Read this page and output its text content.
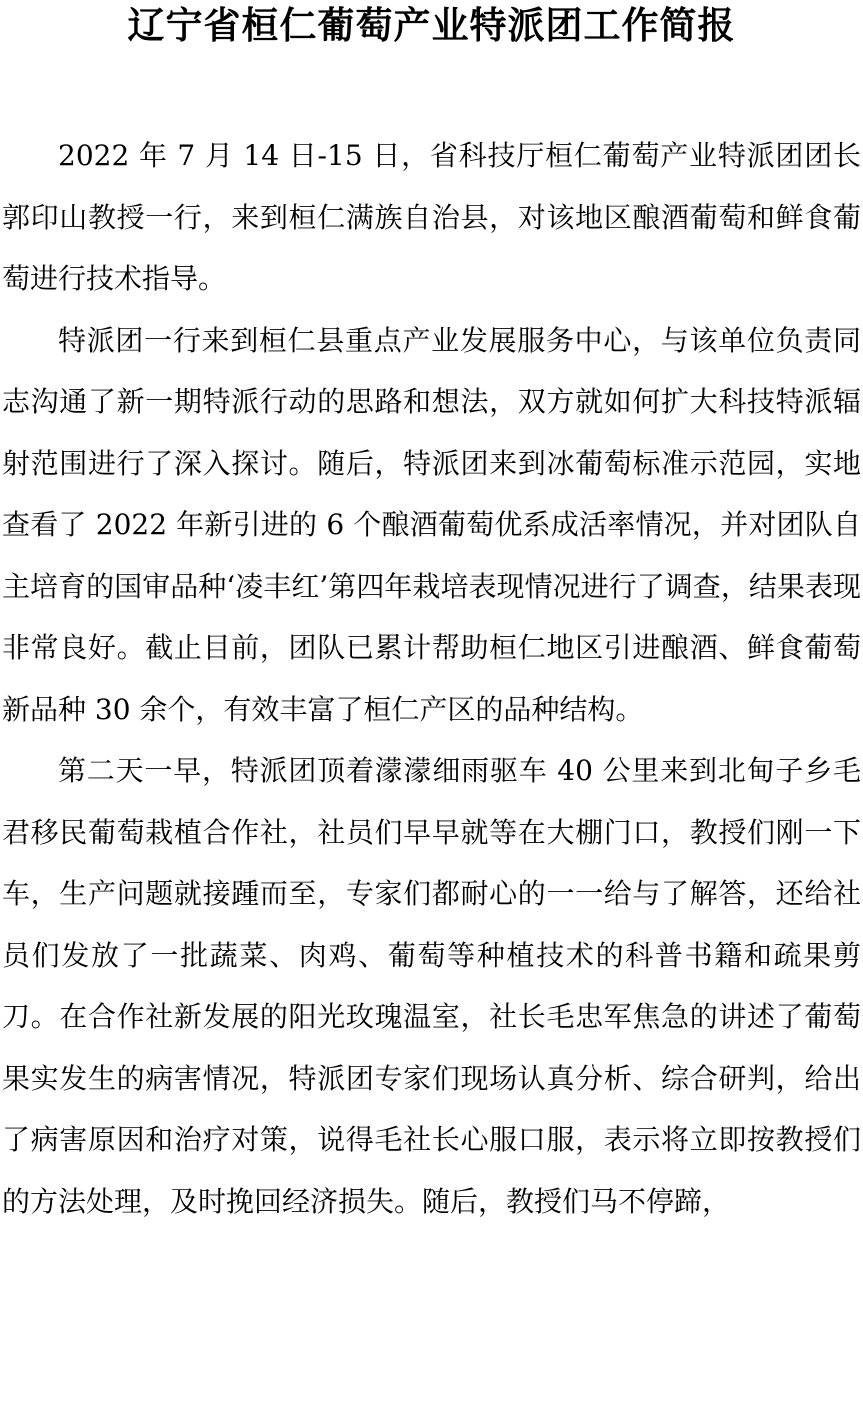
辽宁省桓仁葡萄产业特派团工作简报

2022 年 7 月 14 日-15 日，省科技厅桓仁葡萄产业特派团团长郭印山教授一行，来到桓仁满族自治县，对该地区酿酒葡萄和鲜食葡萄进行技术指导。

特派团一行来到桓仁县重点产业发展服务中心，与该单位负责同志沟通了新一期特派行动的思路和想法，双方就如何扩大科技特派辐射范围进行了深入探讨。随后，特派团来到冰葡萄标准示范园，实地查看了 2022 年新引进的 6 个酿酒葡萄优系成活率情况，并对团队自主培育的国审品种‘凌丰红’第四年栽培表现情况进行了调查，结果表现非常良好。截止目前，团队已累计帮助桓仁地区引进酿酒、鲜食葡萄新品种 30 余个，有效丰富了桓仁产区的品种结构。

第二天一早，特派团顶着濛濛细雨驱车 40 公里来到北甸子乡毛君移民葡萄栽植合作社，社员们早早就等在大棚门口，教授们刚一下车，生产问题就接踵而至，专家们都耐心的一一给与了解答，还给社员们发放了一批蔬菜、肉鸡、葡萄等种植技术的科普书籍和疏果剪刀。在合作社新发展的阳光玫瑰温室，社长毛忠军焦急的讲述了葡萄果实发生的病害情况，特派团专家们现场认真分析、综合研判，给出了病害原因和治疗对策，说得毛社长心服口服，表示将立即按教授们的方法处理，及时挽回经济损失。随后，教授们马不停蹄，
